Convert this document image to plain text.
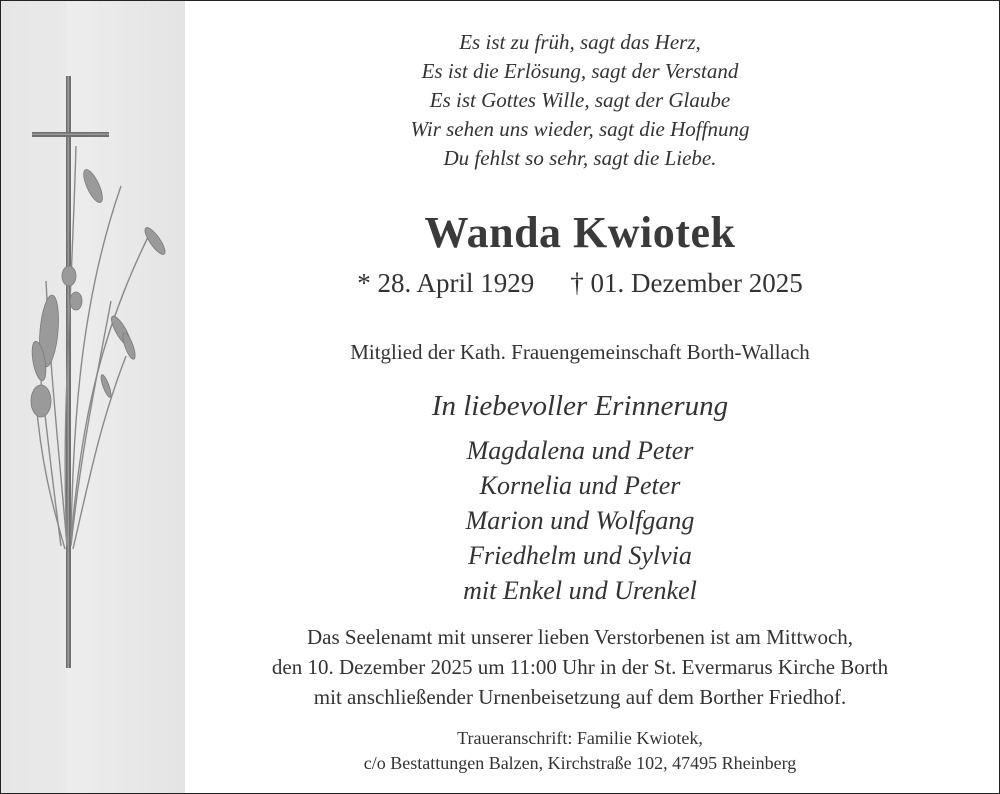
Es ist zu früh, sagt das Herz,
Es ist die Erlösung, sagt der Verstand
Es ist Gottes Wille, sagt der Glaube
Wir sehen uns wieder, sagt die Hoffnung
Du fehlst so sehr, sagt die Liebe.
Wanda Kwiotek
* 28. April 1929 † 01. Dezember 2025
Mitglied der Kath. Frauengemeinschaft Borth-Wallach
In liebevoller Erinnerung
Magdalena und Peter
Kornelia und Peter
Marion und Wolfgang
Friedhelm und Sylvia
mit Enkel und Urenkel
Das Seelenamt mit unserer lieben Verstorbenen ist am Mittwoch,
den 10. Dezember 2025 um 11:00 Uhr in der St. Evermarus Kirche Borth
mit anschließender Urnenbeisetzung auf dem Borther Friedhof.
Traueranschrift: Familie Kwiotek,
c/o Bestattungen Balzen, Kirchstraße 102, 47495 Rheinberg
